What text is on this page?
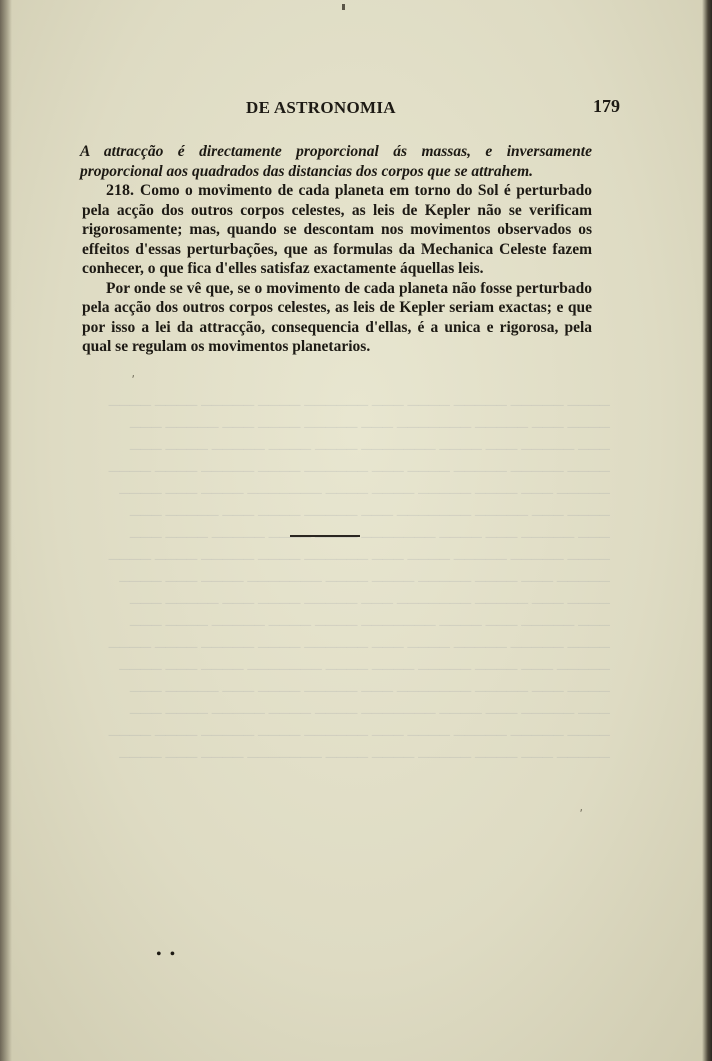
──── ───── ───── ──── ─── ────── ──── ───── ──── ────
──── ─── ───── ─────── ─── ───── ──── ─── ───── ───
─── ───── ─── ──── ─────── ──── ──── ───── ──── ───
──── ───── ───── ──── ─── ────── ──── ───── ──── ────
───── ─── ──── ───── ──── ──── ─────── ──── ─── ────
──── ─── ───── ─────── ─── ───── ──── ─── ───── ───
─── ───── ─── ──── ─────── ──── ──── ───── ──── ───
──── ───── ───── ──── ─── ────── ──── ───── ──── ────
───── ─── ──── ───── ──── ──── ─────── ──── ─── ────
──── ─── ───── ─────── ─── ───── ──── ─── ───── ───
─── ───── ─── ──── ─────── ──── ──── ───── ──── ───
──── ───── ───── ──── ─── ────── ──── ───── ──── ────
───── ─── ──── ───── ──── ──── ─────── ──── ─── ────
──── ─── ───── ─────── ─── ───── ──── ─── ───── ───
─── ───── ─── ──── ─────── ──── ──── ───── ──── ───
──── ───── ───── ──── ─── ────── ──── ───── ──── ────
───── ─── ──── ───── ──── ──── ─────── ──── ─── ────
DE ASTRONOMIA	179

A attracção é directamente proporcional ás massas, e inversamente proporcional aos quadrados das distancias dos corpos que se attrahem.

218. Como o movimento de cada planeta em torno do Sol é perturbado pela acção dos outros corpos celestes, as leis de Kepler não se verificam rigorosamente; mas, quando se descontam nos movimentos observados os effeitos d'essas perturbações, que as formulas da Mechanica Celeste fazem conhecer, o que fica d'elles satisfaz exactamente áquellas leis.

Por onde se vê que, se o movimento de cada planeta não fosse perturbado pela acção dos outros corpos celestes, as leis de Kepler seriam exactas; e que por isso a lei da attracção, consequencia d'ellas, é a unica e rigorosa, pela qual se regulam os movimentos planetarios.

ʹ
ʹ
• •
